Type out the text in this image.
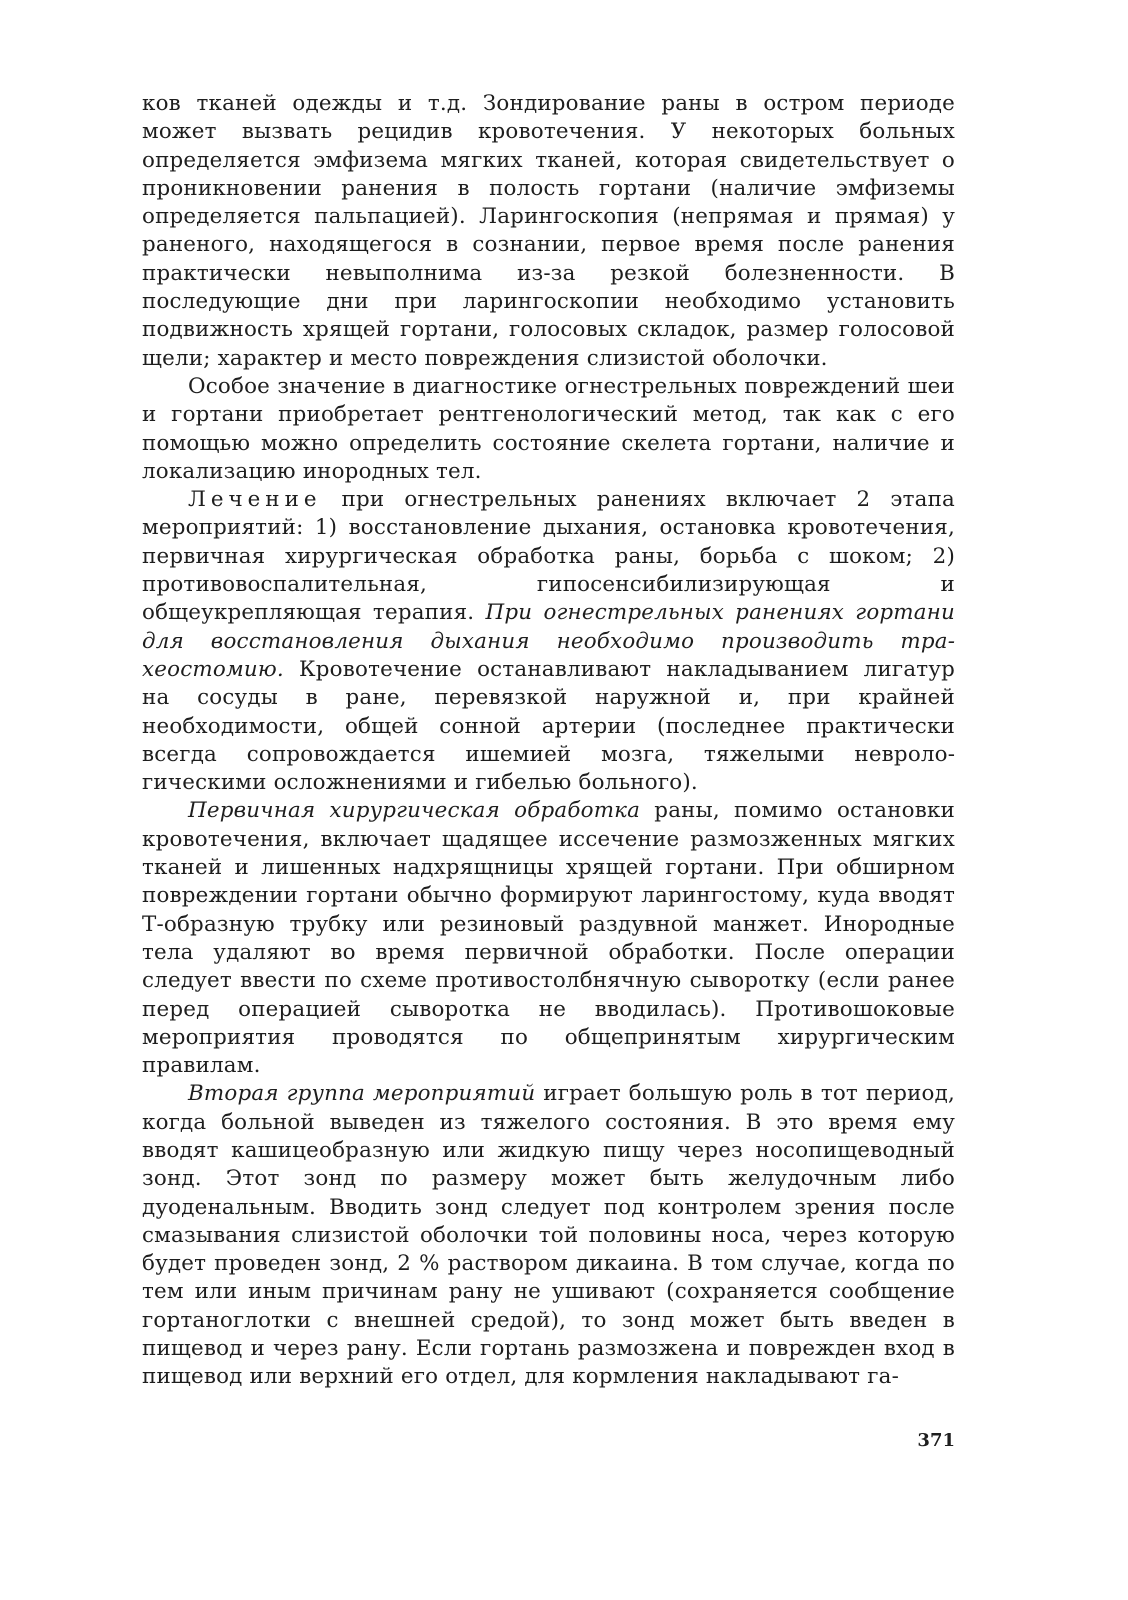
ков тканей одежды и т.д. Зондирование раны в остром периоде может вызвать рецидив кровотечения. У некоторых больных определяется эмфизема мягких тканей, которая свидетельствует о проникновении ранения в полость гортани (наличие эмфиземы определяется пальпацией). Ларингоскопия (непрямая и прямая) у раненого, находящегося в сознании, первое время после ранения практически невыполнима из-за резкой болезненности. В последующие дни при ларингоскопии необходимо установить подвижность хрящей гортани, голосовых складок, размер голосовой щели; характер и место повреждения слизистой оболочки.

Особое значение в диагностике огнестрельных повреждений шеи и гортани приобретает рентгенологический метод, так как с его помощью можно определить состояние скелета гортани, наличие и локализацию инородных тел.

Лечение при огнестрельных ранениях включает 2 этапа мероприятий: 1) восстановление дыхания, остановка кровотечения, первичная хирургическая обработка раны, борьба с шоком; 2) противовоспалительная, гипосенсибилизирующая и общеукрепляющая терапия. При огнестрельных ранениях гортани для восстановления дыхания необходимо производить трахеостомию. Кровотечение останавливают накладыванием лигатур на сосуды в ране, перевязкой наружной и, при крайней необходимости, общей сонной артерии (последнее практически всегда сопровождается ишемией мозга, тяжелыми неврологическими осложнениями и гибелью больного).

Первичная хирургическая обработка раны, помимо остановки кровотечения, включает щадящее иссечение размозженных мягких тканей и лишенных надхрящницы хрящей гортани. При обширном повреждении гортани обычно формируют ларингостому, куда вводят Т-образную трубку или резиновый раздувной манжет. Инородные тела удаляют во время первичной обработки. После операции следует ввести по схеме противостолбнячную сыворотку (если ранее перед операцией сыворотка не вводилась). Противошоковые мероприятия проводятся по общепринятым хирургическим правилам.

Вторая группа мероприятий играет большую роль в тот период, когда больной выведен из тяжелого состояния. В это время ему вводят кашицеобразную или жидкую пищу через носопищеводный зонд. Этот зонд по размеру может быть желудочным либо дуоденальным. Вводить зонд следует под контролем зрения после смазывания слизистой оболочки той половины носа, через которую будет проведен зонд, 2 % раствором дикаина. В том случае, когда по тем или иным причинам рану не ушивают (сохраняется сообщение гортаноглотки с внешней средой), то зонд может быть введен в пищевод и через рану. Если гортань размозжена и поврежден вход в пищевод или верхний его отдел, для кормления накладывают га-

371
